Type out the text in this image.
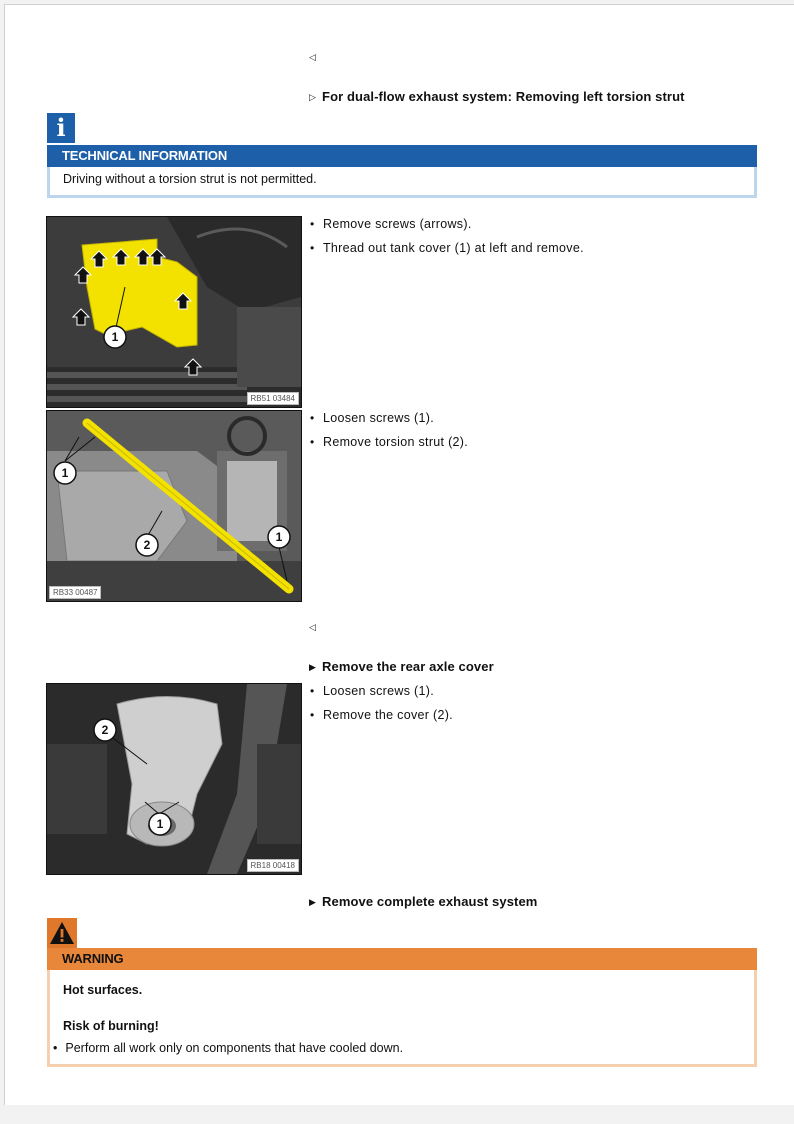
◁
▷ For dual-flow exhaust system: Removing left torsion strut
i
TECHNICAL INFORMATION
Driving without a torsion strut is not permitted.
1
RB51 03484
• Remove screws (arrows).
• Thread out tank cover (1) at left and remove.
1
2
1
RB33 00487
• Loosen screws (1).
• Remove torsion strut (2).
◁
▶ Remove the rear axle cover
2
1
RB18 00418
• Loosen screws (1).
• Remove the cover (2).
▶ Remove complete exhaust system
WARNING
Hot surfaces.
Risk of burning!
• Perform all work only on components that have cooled down.
